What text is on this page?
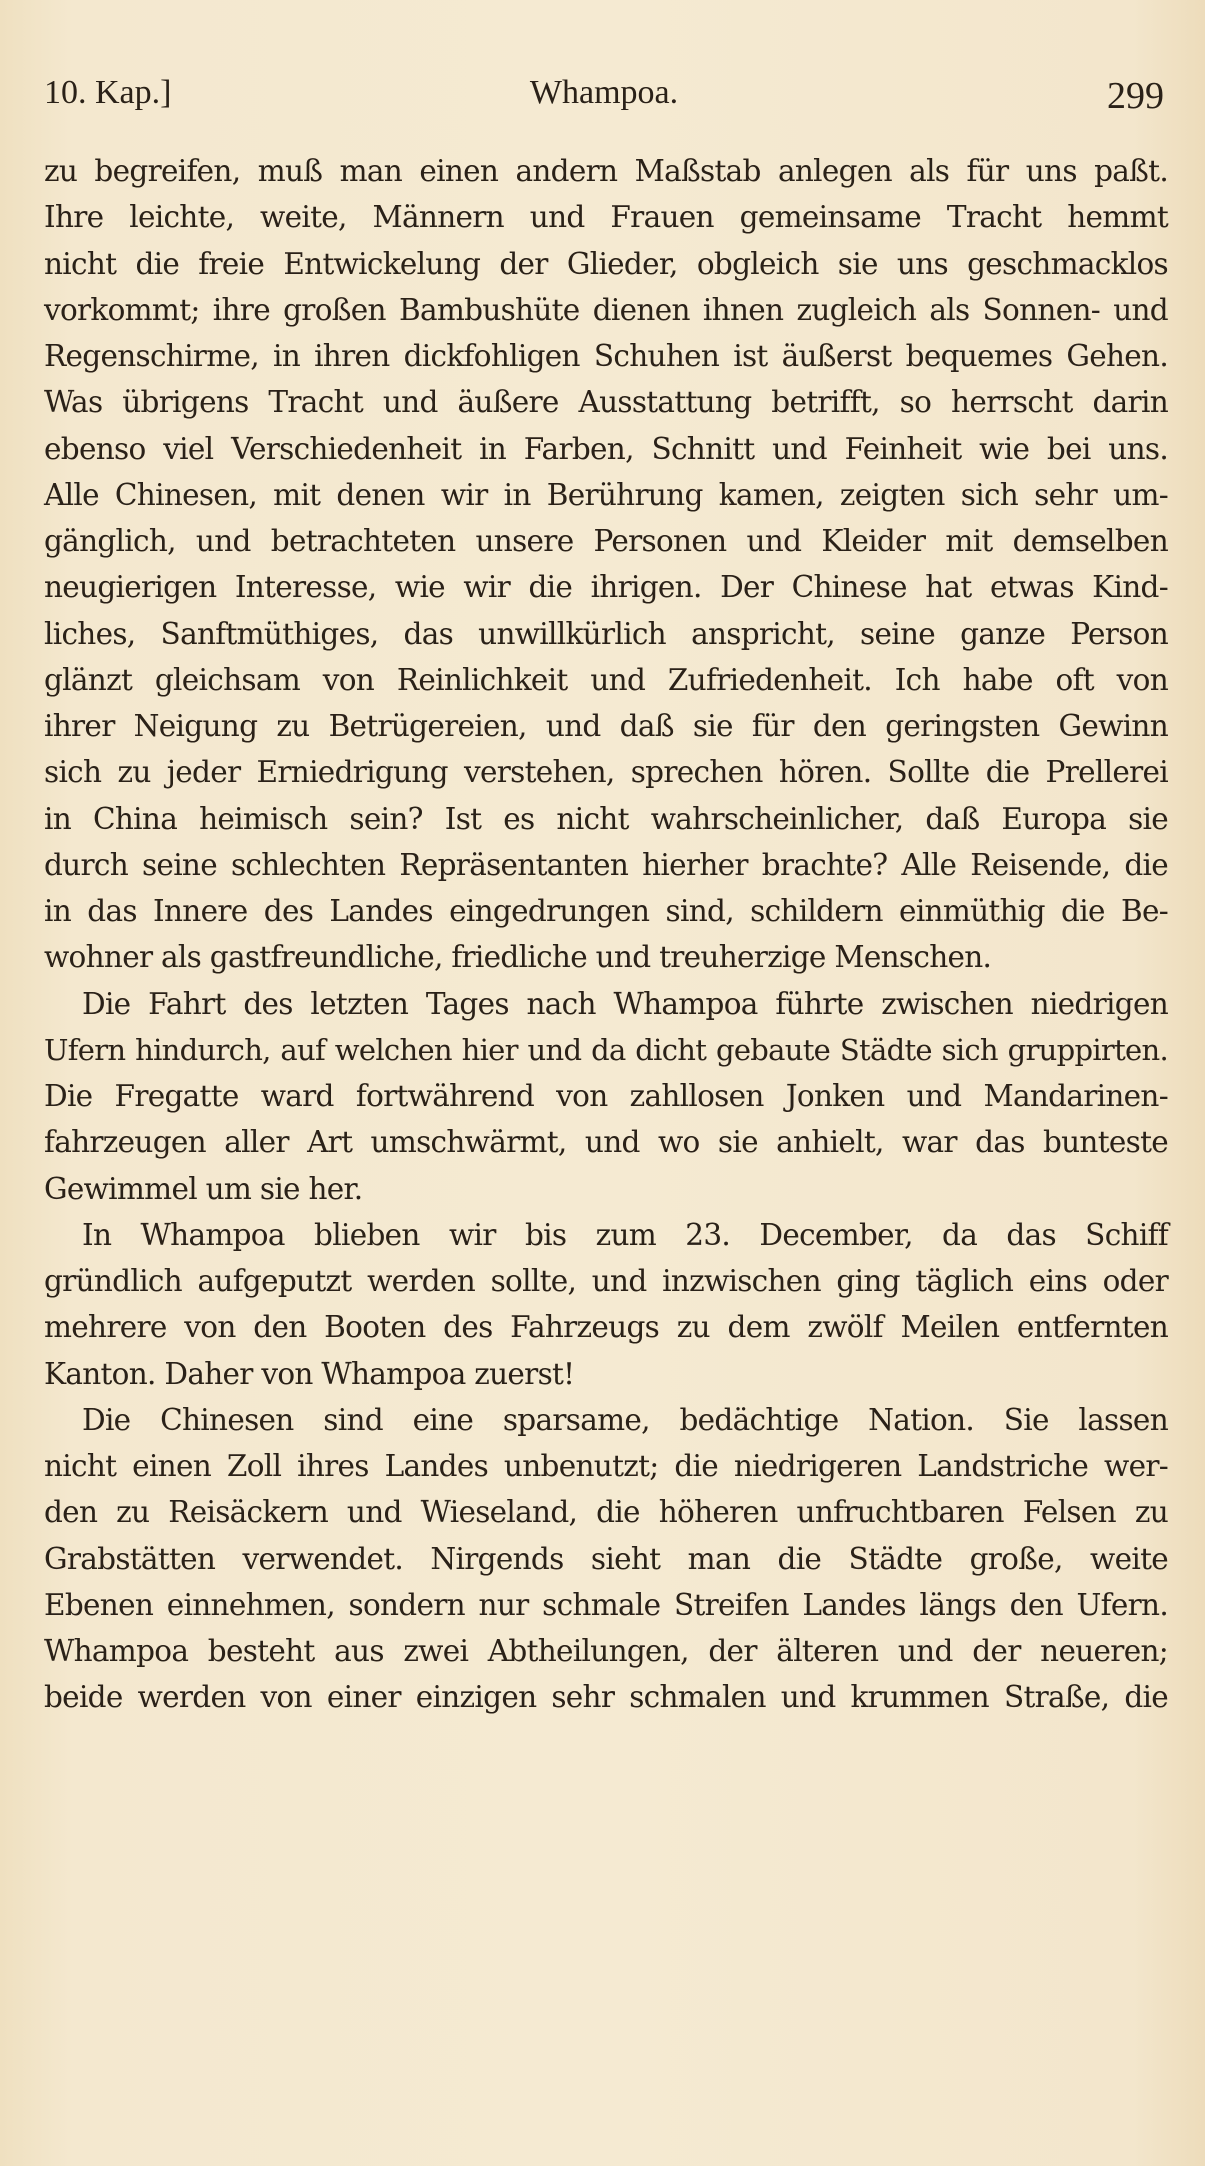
10. Kap.]	Whampoa.	299
zu begreifen, muß man einen andern Maßstab anlegen als für uns paßt.
Ihre leichte, weite, Männern und Frauen gemeinsame Tracht hemmt
nicht die freie Entwickelung der Glieder, obgleich sie uns geschmacklos
vorkommt; ihre großen Bambushüte dienen ihnen zugleich als Sonnen- und
Regenschirme, in ihren dickfohligen Schuhen ist äußerst bequemes Gehen.
Was übrigens Tracht und äußere Ausstattung betrifft, so herrscht darin
ebenso viel Verschiedenheit in Farben, Schnitt und Feinheit wie bei uns.
Alle Chinesen, mit denen wir in Berührung kamen, zeigten sich sehr um-
gänglich, und betrachteten unsere Personen und Kleider mit demselben
neugierigen Interesse, wie wir die ihrigen. Der Chinese hat etwas Kind-
liches, Sanftmüthiges, das unwillkürlich anspricht, seine ganze Person
glänzt gleichsam von Reinlichkeit und Zufriedenheit. Ich habe oft von
ihrer Neigung zu Betrügereien, und daß sie für den geringsten Gewinn
sich zu jeder Erniedrigung verstehen, sprechen hören. Sollte die Prellerei
in China heimisch sein? Ist es nicht wahrscheinlicher, daß Europa sie
durch seine schlechten Repräsentanten hierher brachte? Alle Reisende, die
in das Innere des Landes eingedrungen sind, schildern einmüthig die Be-
wohner als gastfreundliche, friedliche und treuherzige Menschen.
Die Fahrt des letzten Tages nach Whampoa führte zwischen niedrigen
Ufern hindurch, auf welchen hier und da dicht gebaute Städte sich gruppirten.
Die Fregatte ward fortwährend von zahllosen Jonken und Mandarinen-
fahrzeugen aller Art umschwärmt, und wo sie anhielt, war das bunteste
Gewimmel um sie her.
In Whampoa blieben wir bis zum 23. December, da das Schiff
gründlich aufgeputzt werden sollte, und inzwischen ging täglich eins oder
mehrere von den Booten des Fahrzeugs zu dem zwölf Meilen entfernten
Kanton. Daher von Whampoa zuerst!
Die Chinesen sind eine sparsame, bedächtige Nation. Sie lassen
nicht einen Zoll ihres Landes unbenutzt; die niedrigeren Landstriche wer-
den zu Reisäckern und Wieseland, die höheren unfruchtbaren Felsen zu
Grabstätten verwendet. Nirgends sieht man die Städte große, weite
Ebenen einnehmen, sondern nur schmale Streifen Landes längs den Ufern.
Whampoa besteht aus zwei Abtheilungen, der älteren und der neueren;
beide werden von einer einzigen sehr schmalen und krummen Straße, die
